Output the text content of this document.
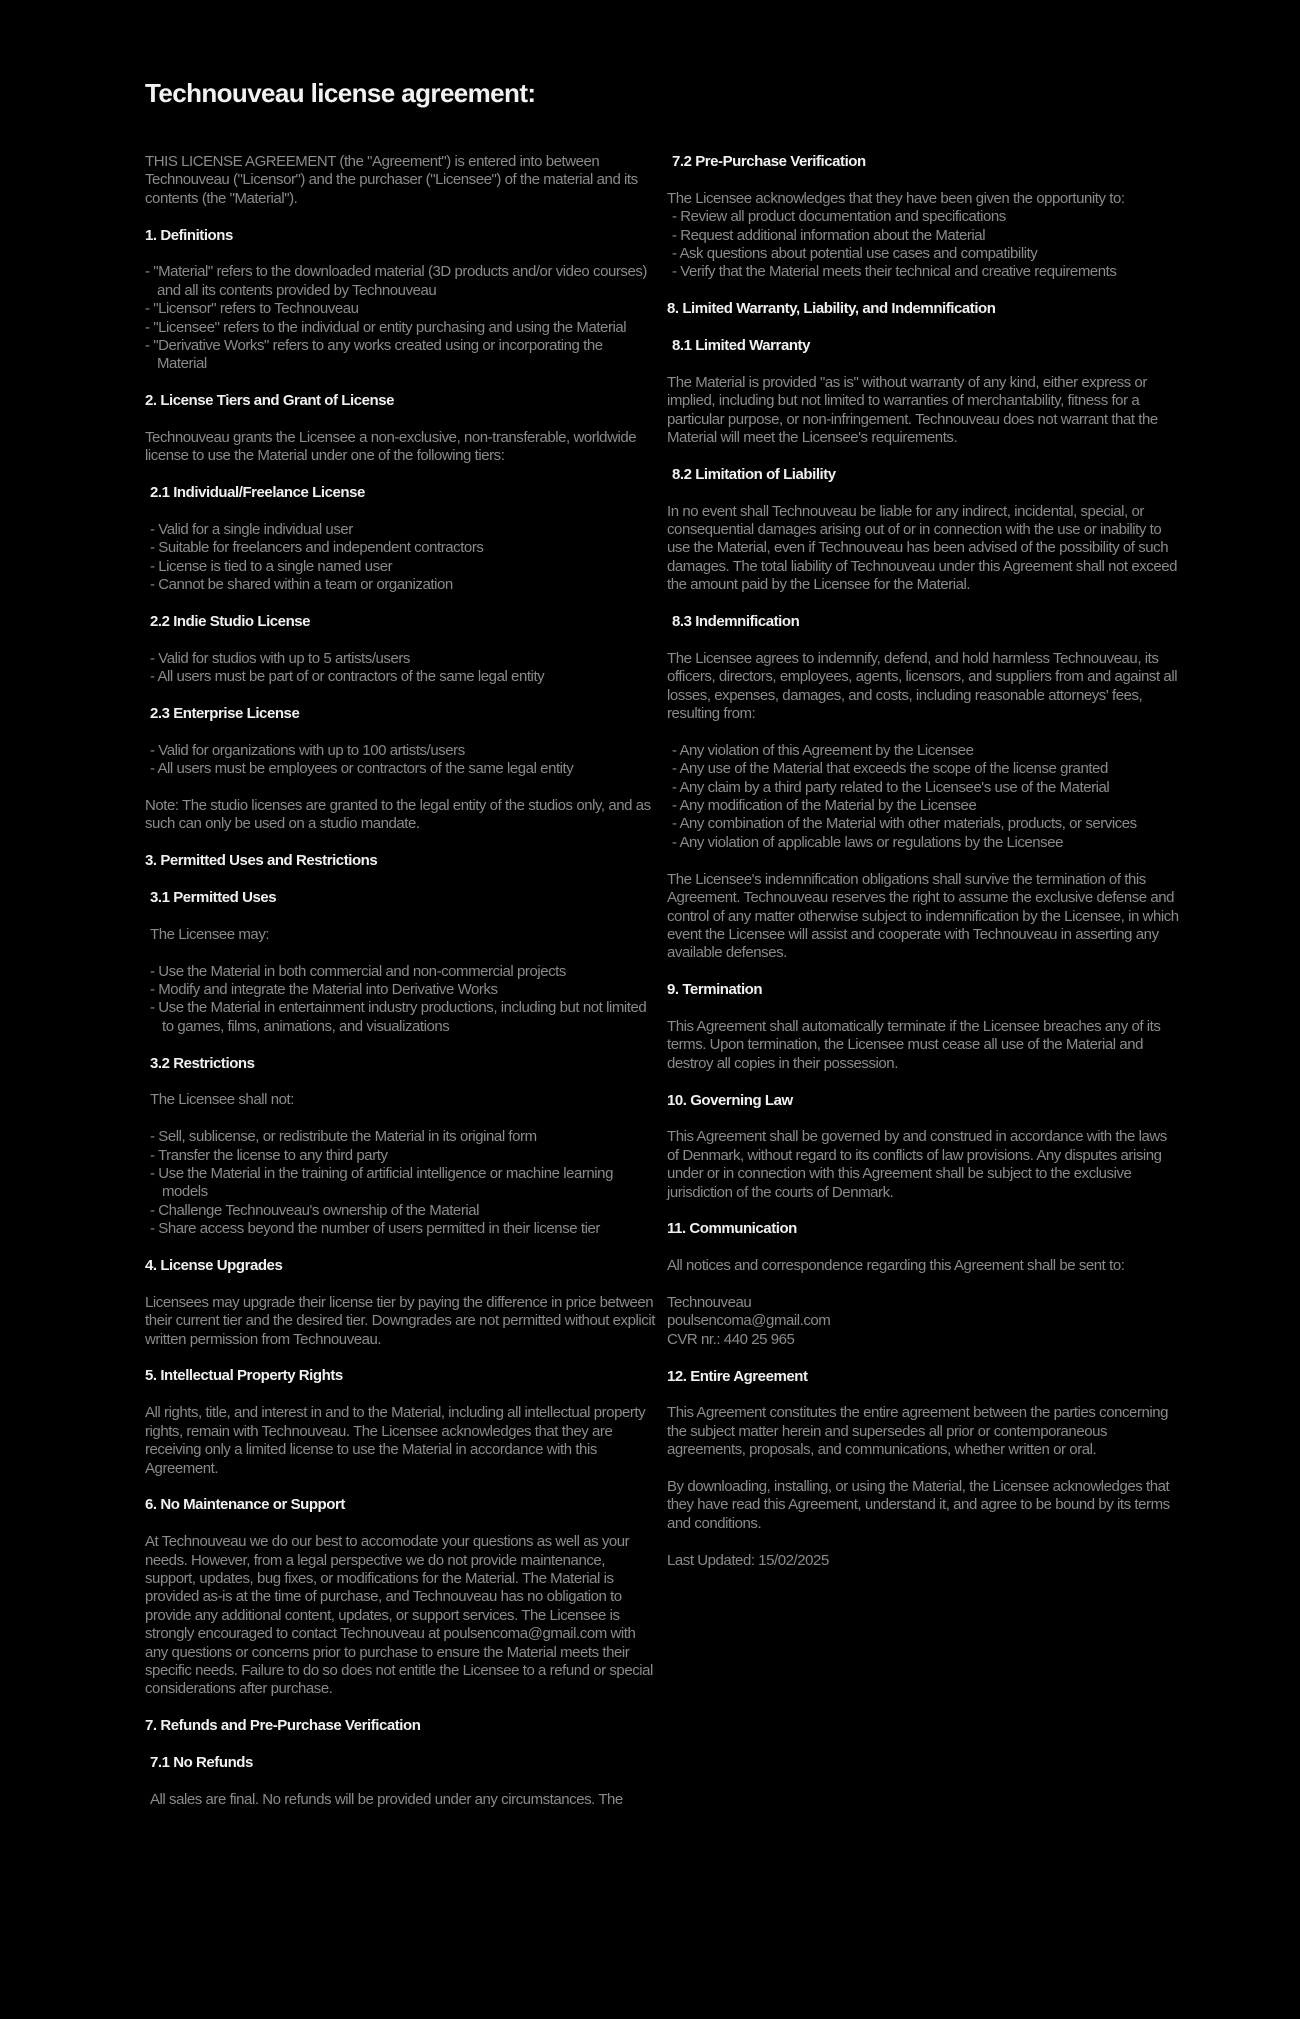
Technouveau license agreement:

THIS LICENSE AGREEMENT (the "Agreement") is entered into between Technouveau ("Licensor") and the purchaser ("Licensee") of the material and its contents (the "Material").

1. Definitions

- "Material" refers to the downloaded material (3D products and/or video courses) and all its contents provided by Technouveau
- "Licensor" refers to Technouveau
- "Licensee" refers to the individual or entity purchasing and using the Material
- "Derivative Works" refers to any works created using or incorporating the Material

2. License Tiers and Grant of License

Technouveau grants the Licensee a non-exclusive, non-transferable, worldwide license to use the Material under one of the following tiers:

2.1 Individual/Freelance License

- Valid for a single individual user
- Suitable for freelancers and independent contractors
- License is tied to a single named user
- Cannot be shared within a team or organization

2.2 Indie Studio License

- Valid for studios with up to 5 artists/users
- All users must be part of or contractors of the same legal entity

2.3 Enterprise License

- Valid for organizations with up to 100 artists/users
- All users must be employees or contractors of the same legal entity

Note: The studio licenses are granted to the legal entity of the studios only, and as such can only be used on a studio mandate.

3. Permitted Uses and Restrictions

3.1 Permitted Uses

The Licensee may:

- Use the Material in both commercial and non-commercial projects
- Modify and integrate the Material into Derivative Works
- Use the Material in entertainment industry productions, including but not limited to games, films, animations, and visualizations

3.2 Restrictions

The Licensee shall not:

- Sell, sublicense, or redistribute the Material in its original form
- Transfer the license to any third party
- Use the Material in the training of artificial intelligence or machine learning models
- Challenge Technouveau's ownership of the Material
- Share access beyond the number of users permitted in their license tier

4. License Upgrades

Licensees may upgrade their license tier by paying the difference in price between their current tier and the desired tier. Downgrades are not permitted without explicit written permission from Technouveau.

5. Intellectual Property Rights

All rights, title, and interest in and to the Material, including all intellectual property rights, remain with Technouveau. The Licensee acknowledges that they are receiving only a limited license to use the Material in accordance with this Agreement.

6. No Maintenance or Support

At Technouveau we do our best to accomodate your questions as well as your needs. However, from a legal perspective we do not provide maintenance, support, updates, bug fixes, or modifications for the Material. The Material is provided as-is at the time of purchase, and Technouveau has no obligation to provide any additional content, updates, or support services. The Licensee is strongly encouraged to contact Technouveau at poulsencoma@gmail.com with any questions or concerns prior to purchase to ensure the Material meets their specific needs. Failure to do so does not entitle the Licensee to a refund or special considerations after purchase.

7. Refunds and Pre-Purchase Verification

7.1 No Refunds

All sales are final. No refunds will be provided under any circumstances. The

7.2 Pre-Purchase Verification

The Licensee acknowledges that they have been given the opportunity to:

- Review all product documentation and specifications
- Request additional information about the Material
- Ask questions about potential use cases and compatibility
- Verify that the Material meets their technical and creative requirements

8. Limited Warranty, Liability, and Indemnification

8.1 Limited Warranty

The Material is provided "as is" without warranty of any kind, either express or implied, including but not limited to warranties of merchantability, fitness for a particular purpose, or non-infringement. Technouveau does not warrant that the Material will meet the Licensee's requirements.

8.2 Limitation of Liability

In no event shall Technouveau be liable for any indirect, incidental, special, or consequential damages arising out of or in connection with the use or inability to use the Material, even if Technouveau has been advised of the possibility of such damages. The total liability of Technouveau under this Agreement shall not exceed the amount paid by the Licensee for the Material.

8.3 Indemnification

The Licensee agrees to indemnify, defend, and hold harmless Technouveau, its officers, directors, employees, agents, licensors, and suppliers from and against all losses, expenses, damages, and costs, including reasonable attorneys' fees, resulting from:

- Any violation of this Agreement by the Licensee
- Any use of the Material that exceeds the scope of the license granted
- Any claim by a third party related to the Licensee's use of the Material
- Any modification of the Material by the Licensee
- Any combination of the Material with other materials, products, or services
- Any violation of applicable laws or regulations by the Licensee

The Licensee's indemnification obligations shall survive the termination of this Agreement. Technouveau reserves the right to assume the exclusive defense and control of any matter otherwise subject to indemnification by the Licensee, in which event the Licensee will assist and cooperate with Technouveau in asserting any available defenses.

9. Termination

This Agreement shall automatically terminate if the Licensee breaches any of its terms. Upon termination, the Licensee must cease all use of the Material and destroy all copies in their possession.

10. Governing Law

This Agreement shall be governed by and construed in accordance with the laws of Denmark, without regard to its conflicts of law provisions. Any disputes arising under or in connection with this Agreement shall be subject to the exclusive jurisdiction of the courts of Denmark.

11. Communication

All notices and correspondence regarding this Agreement shall be sent to:

Technouveau

poulsencoma@gmail.com

CVR nr.: 440 25 965

12. Entire Agreement

This Agreement constitutes the entire agreement between the parties concerning the subject matter herein and supersedes all prior or contemporaneous agreements, proposals, and communications, whether written or oral.

By downloading, installing, or using the Material, the Licensee acknowledges that they have read this Agreement, understand it, and agree to be bound by its terms and conditions.

Last Updated: 15/02/2025
